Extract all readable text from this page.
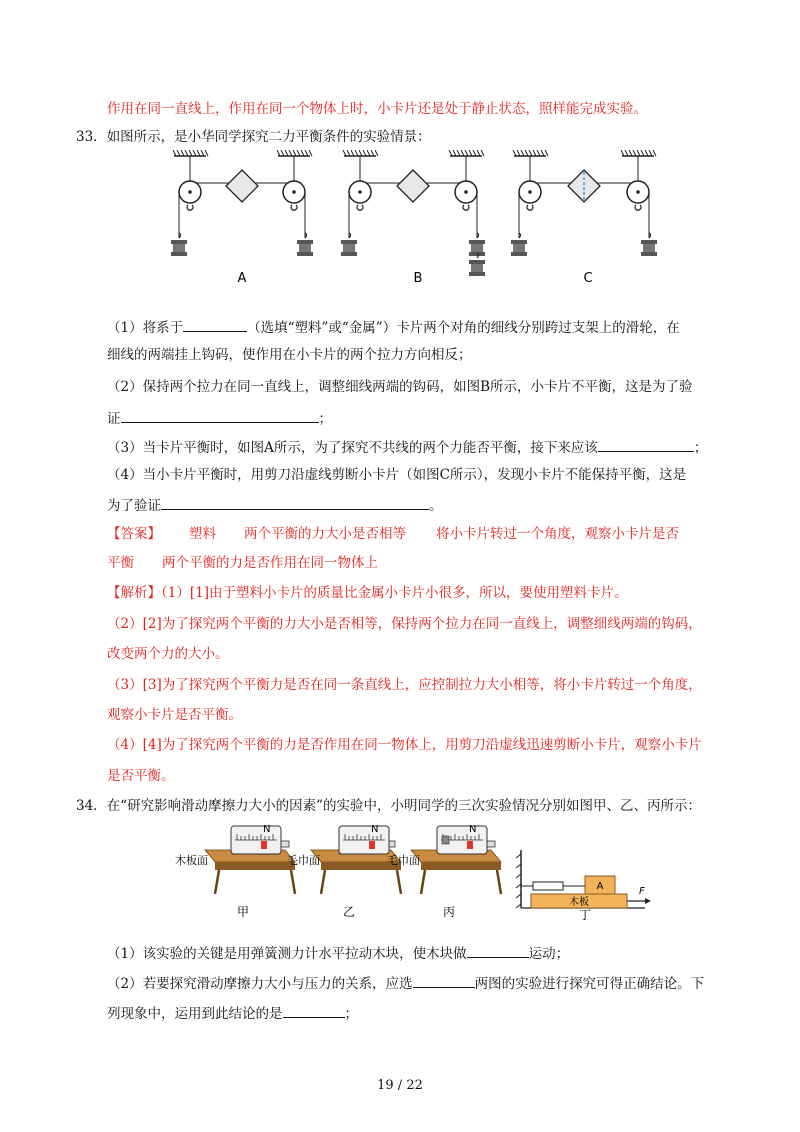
作用在同一直线上，作用在同一个物体上时，小卡片还是处于静止状态，照样能完成实验。
33．如图所示，是小华同学探究二力平衡条件的实验情景：
A	B	C
（1）将系于	（选填“塑料”或“金属”）卡片两个对角的细线分别跨过支架上的滑轮，在
细线的两端挂上钩码，使作用在小卡片的两个拉力方向相反；
（2）保持两个拉力在同一直线上，调整细线两端的钩码，如图B所示，小卡片不平衡，这是为了验
证	；
（3）当卡片平衡时，如图A所示，为了探究不共线的两个力能否平衡，接下来应该	；
（4）当小卡片平衡时，用剪刀沿虚线剪断小卡片（如图C所示），发现小卡片不能保持平衡，这是
为了验证	。
【答案】 塑料 两个平衡的力大小是否相等 将小卡片转过一个角度，观察小卡片是否
平衡 两个平衡的力是否作用在同一物体上
【解析】（1）[1]由于塑料小卡片的质量比金属小卡片小很多，所以，要使用塑料卡片。
（2）[2]为了探究两个平衡的力大小是否相等，保持两个拉力在同一直线上，调整细线两端的钩码，
改变两个力的大小。
（3）[3]为了探究两个平衡力是否在同一条直线上，应控制拉力大小相等，将小卡片转过一个角度，
观察小卡片是否平衡。
（4）[4]为了探究两个平衡的力是否作用在同一物体上，用剪刀沿虚线迅速剪断小卡片，观察小卡片
是否平衡。
34．在“研究影响滑动摩擦力大小的因素”的实验中，小明同学的三次实验情况分别如图甲、乙、丙所示：
N
木板面
甲
N
毛巾面
乙
N
毛巾面
丙
A
木板
F
丁
（1）该实验的关键是用弹簧测力计水平拉动木块，使木块做	运动；
（2）若要探究滑动摩擦力大小与压力的关系，应选	两图的实验进行探究可得正确结论。下
列现象中，运用到此结论的是	；
19 / 22
